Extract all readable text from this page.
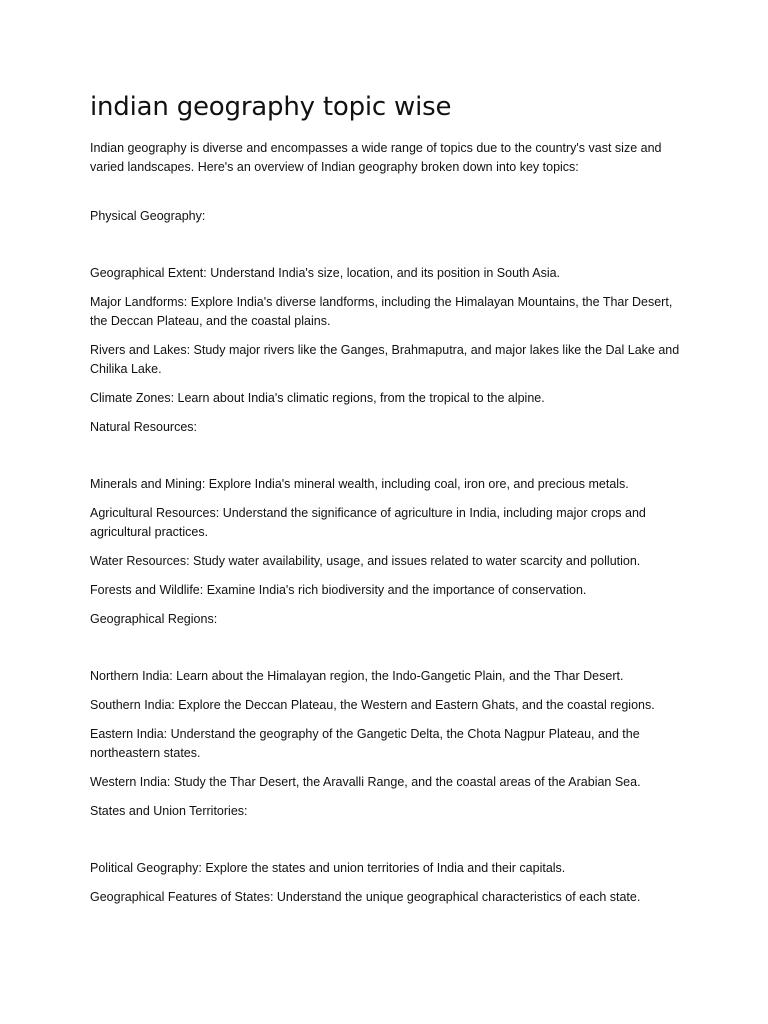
indian geography topic wise

Indian geography is diverse and encompasses a wide range of topics due to the country's vast size and varied landscapes. Here's an overview of Indian geography broken down into key topics:

Physical Geography:

Geographical Extent: Understand India's size, location, and its position in South Asia.

Major Landforms: Explore India's diverse landforms, including the Himalayan Mountains, the Thar Desert, the Deccan Plateau, and the coastal plains.

Rivers and Lakes: Study major rivers like the Ganges, Brahmaputra, and major lakes like the Dal Lake and Chilika Lake.

Climate Zones: Learn about India's climatic regions, from the tropical to the alpine.

Natural Resources:

Minerals and Mining: Explore India's mineral wealth, including coal, iron ore, and precious metals.

Agricultural Resources: Understand the significance of agriculture in India, including major crops and agricultural practices.

Water Resources: Study water availability, usage, and issues related to water scarcity and pollution.

Forests and Wildlife: Examine India's rich biodiversity and the importance of conservation.

Geographical Regions:

Northern India: Learn about the Himalayan region, the Indo-Gangetic Plain, and the Thar Desert.

Southern India: Explore the Deccan Plateau, the Western and Eastern Ghats, and the coastal regions.

Eastern India: Understand the geography of the Gangetic Delta, the Chota Nagpur Plateau, and the northeastern states.

Western India: Study the Thar Desert, the Aravalli Range, and the coastal areas of the Arabian Sea.

States and Union Territories:

Political Geography: Explore the states and union territories of India and their capitals.

Geographical Features of States: Understand the unique geographical characteristics of each state.
